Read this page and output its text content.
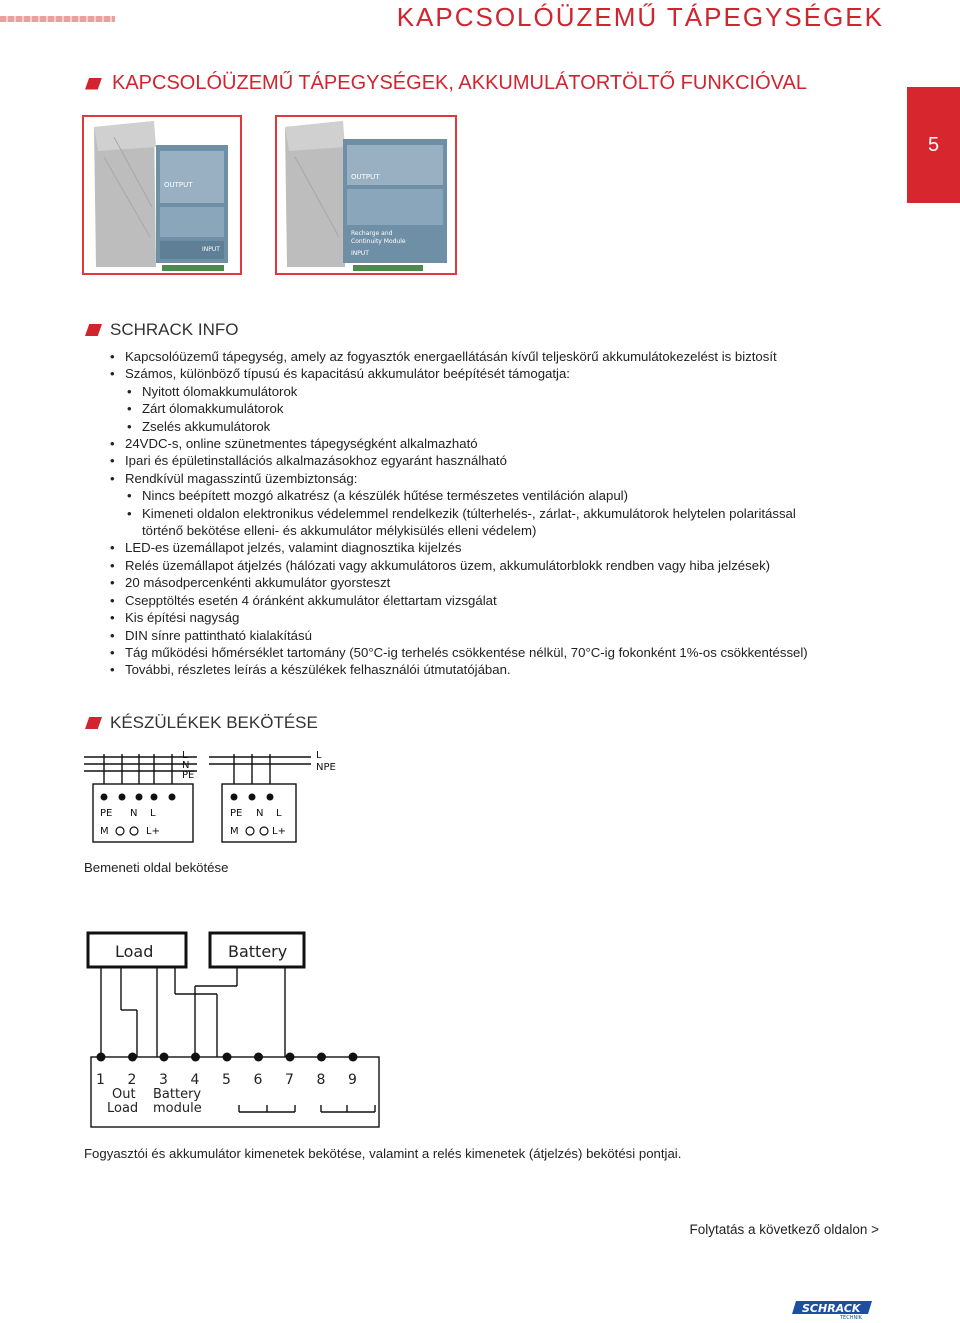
KAPCSOLÓÜZEMŰ TÁPEGYSÉGEK
5
KAPCSOLÓÜZEMŰ TÁPEGYSÉGEK, AKKUMULÁTORTÖLTŐ FUNKCIÓVAL
OUTPUT
INPUT
OUTPUT
Recharge and
Continuity Module
INPUT
SCHRACK INFO
• Kapcsolóüzemű tápegység, amely az fogyasztók energaellátásán kívűl teljeskörű akkumulátokezelést is biztosít
• Számos, különböző típusú és kapacitású akkumulátor beépítését támogatja:
• Nyitott ólomakkumulátorok
• Zárt ólomakkumulátorok
• Zselés akkumulátorok
• 24VDC-s, online szünetmentes tápegységként alkalmazható
• Ipari és épületinstallációs alkalmazásokhoz egyaránt használható
• Rendkívül magasszintű üzembiztonság:
• Nincs beépített mozgó alkatrész (a készülék hűtése természetes ventiláción alapul)
• Kimeneti oldalon elektronikus védelemmel rendelkezik (túlterhelés-, zárlat-, akkumulátorok helytelen polaritással
történő bekötése elleni- és akkumulátor mélykisülés elleni védelem)
• LED-es üzemállapot jelzés, valamint diagnosztika kijelzés
• Relés üzemállapot átjelzés (hálózati vagy akkumulátoros üzem, akkumulátorblokk rendben vagy hiba jelzések)
• 20 másodpercenkénti akkumulátor gyorsteszt
• Csepptöltés esetén 4 óránként akkumulátor élettartam vizsgálat
• Kis építési nagyság
• DIN sínre pattintható kialakítású
• Tág működési hőmérséklet tartomány (50°C-ig terhelés csökkentése nélkül, 70°C-ig fokonként 1%-os csökkentéssel)
• További, részletes leírás a készülékek felhasználói útmutatójában.
KÉSZÜLÉKEK BEKÖTÉSE
L
N
PE
PE N L
M	L+
L
NPE
PE N L
M	L+
Bemeneti oldal bekötése
Load	Battery
1 2 3 4 5 6 7 8 9
Out
Load
Battery
module
Fogyasztói és akkumulátor kimenetek bekötése, valamint a relés kimenetek (átjelzés) bekötési pontjai.
Folytatás a következő oldalon >
SCHRACK
TECHNIK
